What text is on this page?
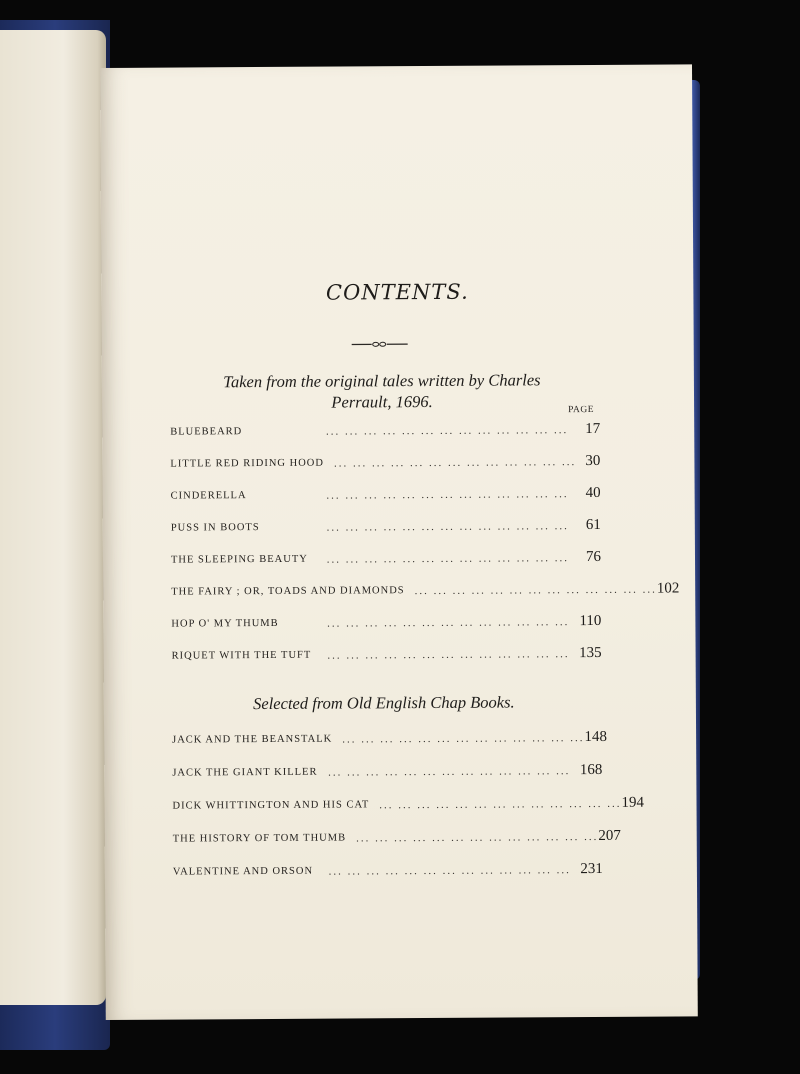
CONTENTS.
Taken from the original tales written by Charles
Perrault, 1696.	PAGE
BLUEBEARD	... ... ... ... ... ... ... ... ... ... ... ... ...	17
LITTLE RED RIDING HOOD ... ... ... ... ... ... ... ... ... ... ... ... ... 30
CINDERELLA	... ... ... ... ... ... ... ... ... ... ... ... ...	40
PUSS IN BOOTS	... ... ... ... ... ... ... ... ... ... ... ... ...	61
THE SLEEPING BEAUTY	... ... ... ... ... ... ... ... ... ... ... ... ...	76
THE FAIRY ; OR, TOADS AND DIAMONDS ... ... ... ... ... ... ... ... ... ... ... ... ... 102
HOP O' MY THUMB	... ... ... ... ... ... ... ... ... ... ... ... ... 110
RIQUET WITH THE TUFT	... ... ... ... ... ... ... ... ... ... ... ... ... 135
Selected from Old English Chap Books.
JACK AND THE BEANSTALK ... ... ... ... ... ... ... ... ... ... ... ... ... 148
JACK THE GIANT KILLER ... ... ... ... ... ... ... ... ... ... ... ... ... 168
DICK WHITTINGTON AND HIS CAT ... ... ... ... ... ... ... ... ... ... ... ... ... 194
THE HISTORY OF TOM THUMB ... ... ... ... ... ... ... ... ... ... ... ... ... 207
VALENTINE AND ORSON	... ... ... ... ... ... ... ... ... ... ... ... ... 231
